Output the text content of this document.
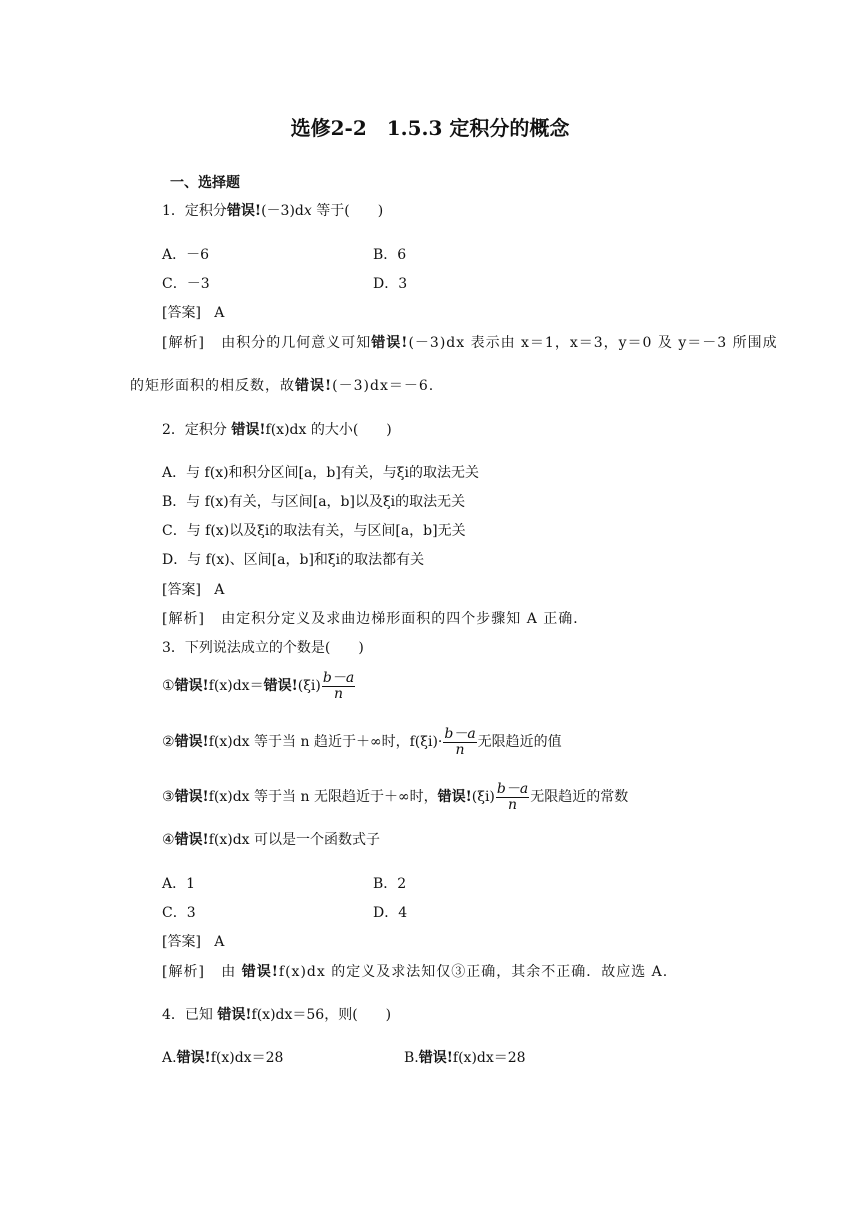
选修2-2　1.5.3 定积分的概念
一、选择题
1．定积分错误!(－3)dx 等于(　　)
A．－6	B．6
C．－3	D．3
[答案] A
[解析] 由积分的几何意义可知错误!(－3)dx 表示由 x＝1，x＝3，y＝0 及 y＝－3 所围成
的矩形面积的相反数，故错误!(－3)dx＝－6.
2．定积分 错误!f(x)dx 的大小(　　)
A．与 f(x)和积分区间[a，b]有关，与ξi的取法无关
B．与 f(x)有关，与区间[a，b]以及ξi的取法无关
C．与 f(x)以及ξi的取法有关，与区间[a，b]无关
D．与 f(x)、区间[a，b]和ξi的取法都有关
[答案] A
[解析] 由定积分定义及求曲边梯形面积的四个步骤知 A 正确．
3．下列说法成立的个数是(　　)
①错误!f(x)dx＝错误$!(\xi i) \frac{b-a}{n}$
②错误!f(x)dx 等于当 n 趋近于＋∞时，$f(\xi i)\cdot \frac{b-a}{n}$ 无限趋近的值
③错误!f(x)dx 等于当 n 无限趋近于＋∞时，错误$!(\xi i) \frac{b-a}{n}$ 无限趋近的常数
④错误!f(x)dx 可以是一个函数式子
A．1	B．2
C．3	D．4
[答案] A
[解析] 由 错误!f(x)dx 的定义及求法知仅③正确，其余不正确．故应选 A.
4．已知 错误!f(x)dx＝56，则(　　)
A.错误!f(x)dx＝28	B.错误!f(x)dx＝28
